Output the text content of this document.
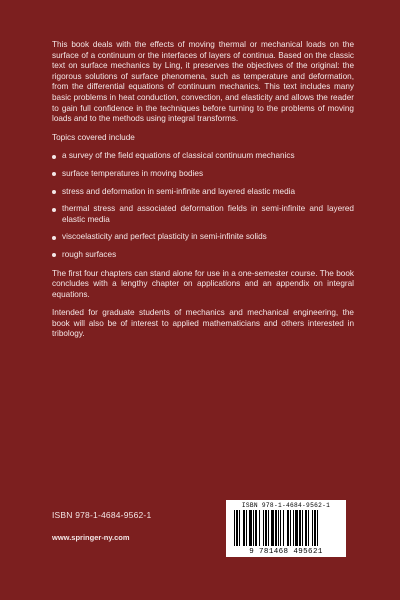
This book deals with the effects of moving thermal or mechanical loads on the surface of a continuum or the interfaces of layers of continua. Based on the classic text on surface mechanics by Ling, it preserves the objectives of the original: the rigorous solutions of surface phenomena, such as temperature and deformation, from the differential equations of continuum mechanics. This text includes many basic problems in heat conduction, convection, and elasticity and allows the reader to gain full confidence in the techniques before turning to the problems of moving loads and to the methods using integral transforms.

Topics covered include

a survey of the field equations of classical continuum mechanics
surface temperatures in moving bodies
stress and deformation in semi-infinite and layered elastic media
thermal stress and associated deformation fields in semi-infinite and layered elastic media
viscoelasticity and perfect plasticity in semi-infinite solids
rough surfaces

The first four chapters can stand alone for use in a one-semester course. The book concludes with a lengthy chapter on applications and an appendix on integral equations.

Intended for graduate students of mechanics and mechanical engineering, the book will also be of interest to applied mathematicians and others interested in tribology.

ISBN 978-1-4684-9562-1
www.springer-ny.com
ISBN 978-1-4684-9562-1
9 781468 495621
